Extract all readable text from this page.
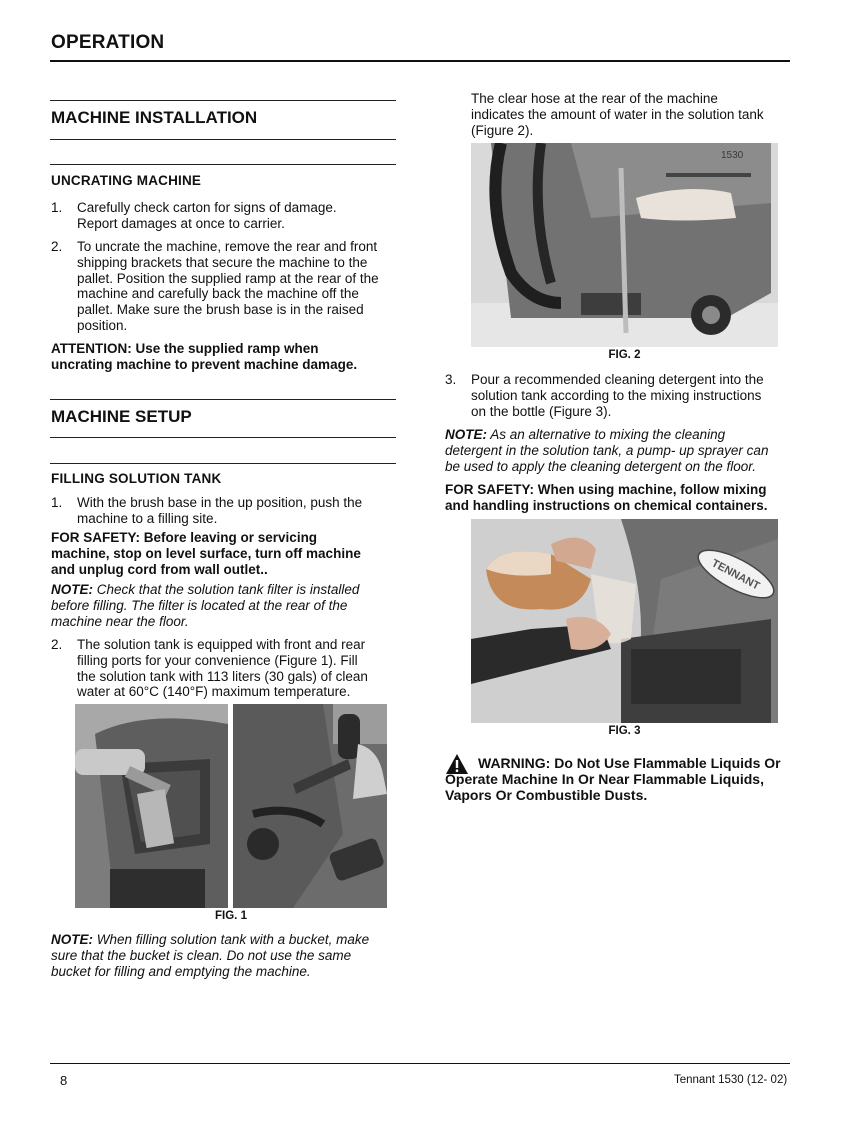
OPERATION
MACHINE INSTALLATION
UNCRATING MACHINE
1. Carefully check carton for signs of damage.
Report damages at once to carrier.
2. To uncrate the machine, remove the rear and front
shipping brackets that secure the machine to the
pallet. Position the supplied ramp at the rear of the
machine and carefully back the machine off the
pallet. Make sure the brush base is in the raised
position.
ATTENTION: Use the supplied ramp when
uncrating machine to prevent machine damage.
MACHINE SETUP
FILLING SOLUTION TANK
1. With the brush base in the up position, push the
machine to a filling site.
FOR SAFETY: Before leaving or servicing
machine, stop on level surface, turn off machine
and unplug cord from wall outlet..
NOTE: Check that the solution tank filter is installed
before filling. The filter is located at the rear of the
machine near the floor.
2. The solution tank is equipped with front and rear
filling ports for your convenience (Figure 1). Fill
the solution tank with 113 liters (30 gals) of clean
water at 60°C (140°F) maximum temperature.
FIG. 1
NOTE: When filling solution tank with a bucket, make
sure that the bucket is clean. Do not use the same
bucket for filling and emptying the machine.
The clear hose at the rear of the machine
indicates the amount of water in the solution tank
(Figure 2).
1530
FIG. 2
3. Pour a recommended cleaning detergent into the
solution tank according to the mixing instructions
on the bottle (Figure 3).
NOTE: As an alternative to mixing the cleaning
detergent in the solution tank, a pump- up sprayer can
be used to apply the cleaning detergent on the floor.
FOR SAFETY: When using machine, follow mixing
and handling instructions on chemical containers.
TENNANT
FIG. 3
WARNING: Do Not Use Flammable Liquids Or
Operate Machine In Or Near Flammable Liquids,
Vapors Or Combustible Dusts.
8	Tennant 1530 (12- 02)
